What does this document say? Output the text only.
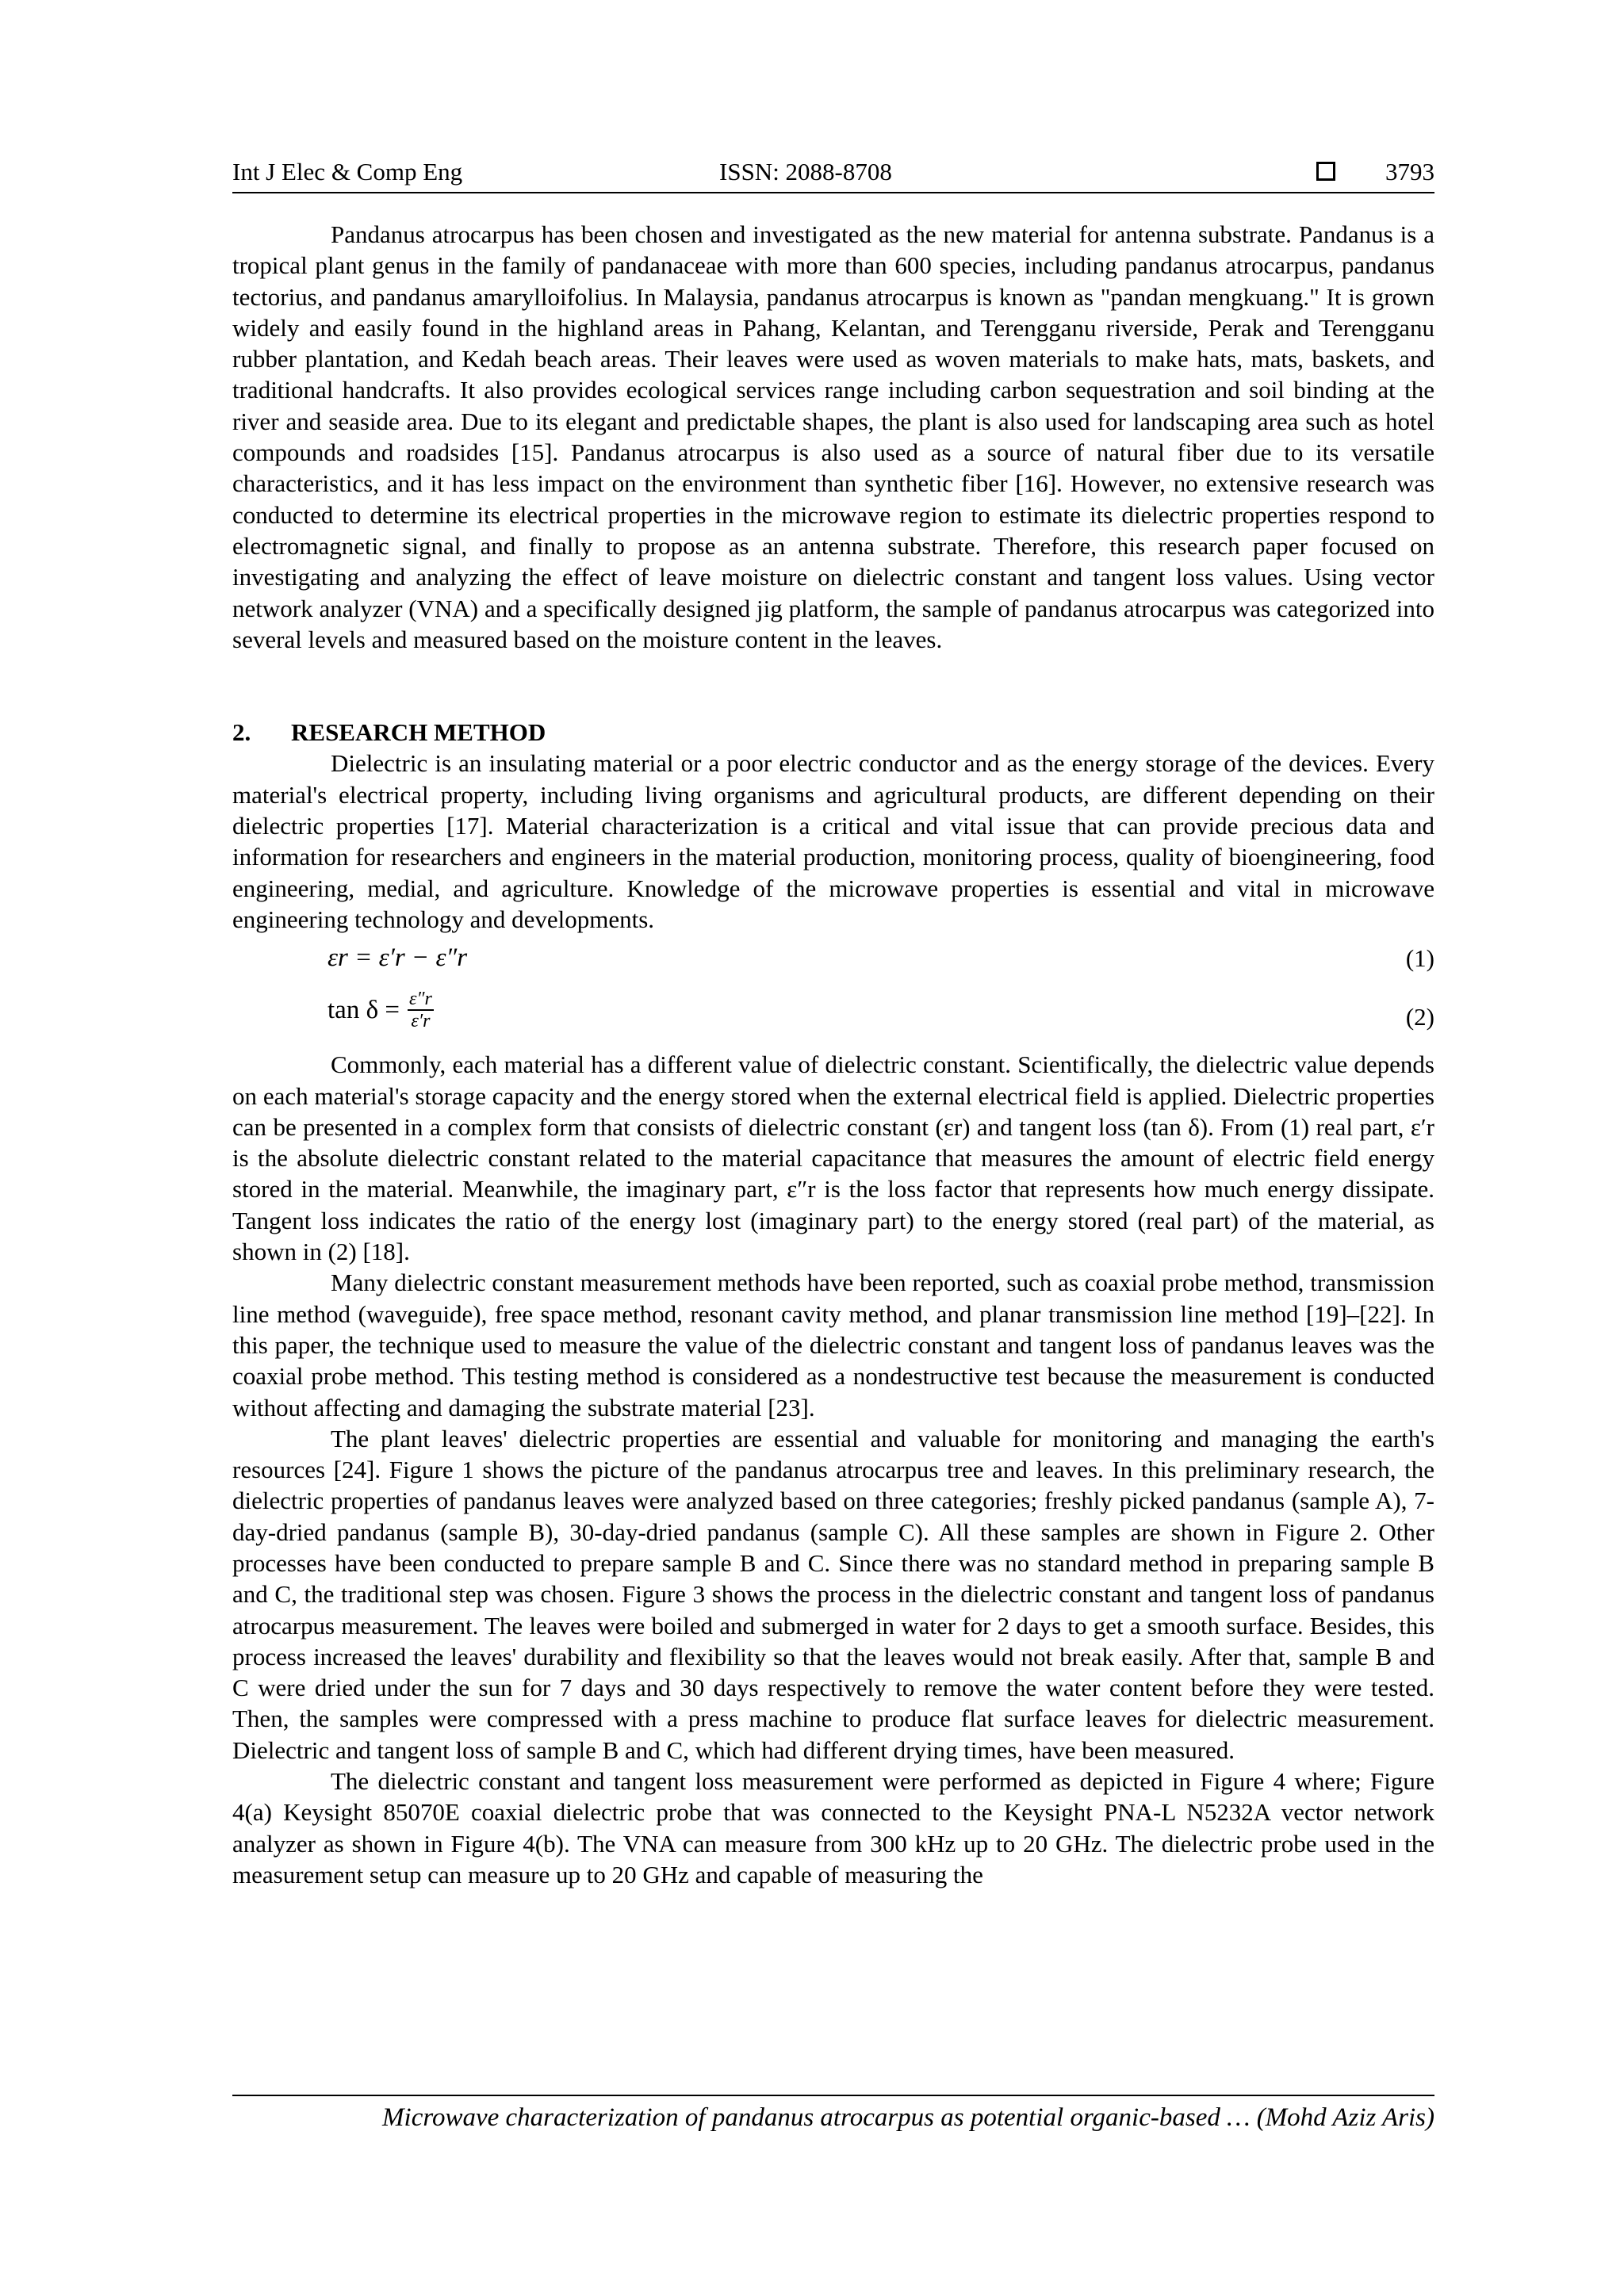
Int J Elec & Comp Eng	ISSN: 2088-8708	3793

Pandanus atrocarpus has been chosen and investigated as the new material for antenna substrate. Pandanus is a tropical plant genus in the family of pandanaceae with more than 600 species, including pandanus atrocarpus, pandanus tectorius, and pandanus amarylloifolius. In Malaysia, pandanus atrocarpus is known as "pandan mengkuang." It is grown widely and easily found in the highland areas in Pahang, Kelantan, and Terengganu riverside, Perak and Terengganu rubber plantation, and Kedah beach areas. Their leaves were used as woven materials to make hats, mats, baskets, and traditional handcrafts. It also provides ecological services range including carbon sequestration and soil binding at the river and seaside area. Due to its elegant and predictable shapes, the plant is also used for landscaping area such as hotel compounds and roadsides [15]. Pandanus atrocarpus is also used as a source of natural fiber due to its versatile characteristics, and it has less impact on the environment than synthetic fiber [16]. However, no extensive research was conducted to determine its electrical properties in the microwave region to estimate its dielectric properties respond to electromagnetic signal, and finally to propose as an antenna substrate. Therefore, this research paper focused on investigating and analyzing the effect of leave moisture on dielectric constant and tangent loss values. Using vector network analyzer (VNA) and a specifically designed jig platform, the sample of pandanus atrocarpus was categorized into several levels and measured based on the moisture content in the leaves.

2. RESEARCH METHOD

Dielectric is an insulating material or a poor electric conductor and as the energy storage of the devices. Every material's electrical property, including living organisms and agricultural products, are different depending on their dielectric properties [17]. Material characterization is a critical and vital issue that can provide precious data and information for researchers and engineers in the material production, monitoring process, quality of bioengineering, food engineering, medial, and agriculture. Knowledge of the microwave properties is essential and vital in microwave engineering technology and developments.

εr = ε′r − ε″r	(1)
$\tan \delta = \frac{\varepsilon''r}{\varepsilon'r}$	(2)

Commonly, each material has a different value of dielectric constant. Scientifically, the dielectric value depends on each material's storage capacity and the energy stored when the external electrical field is applied. Dielectric properties can be presented in a complex form that consists of dielectric constant (εr) and tangent loss (tan δ). From (1) real part, ε′r is the absolute dielectric constant related to the material capacitance that measures the amount of electric field energy stored in the material. Meanwhile, the imaginary part, ε″r is the loss factor that represents how much energy dissipate. Tangent loss indicates the ratio of the energy lost (imaginary part) to the energy stored (real part) of the material, as shown in (2) [18].

Many dielectric constant measurement methods have been reported, such as coaxial probe method, transmission line method (waveguide), free space method, resonant cavity method, and planar transmission line method [19]–[22]. In this paper, the technique used to measure the value of the dielectric constant and tangent loss of pandanus leaves was the coaxial probe method. This testing method is considered as a nondestructive test because the measurement is conducted without affecting and damaging the substrate material [23].

The plant leaves' dielectric properties are essential and valuable for monitoring and managing the earth's resources [24]. Figure 1 shows the picture of the pandanus atrocarpus tree and leaves. In this preliminary research, the dielectric properties of pandanus leaves were analyzed based on three categories; freshly picked pandanus (sample A), 7-day-dried pandanus (sample B), 30-day-dried pandanus (sample C). All these samples are shown in Figure 2. Other processes have been conducted to prepare sample B and C. Since there was no standard method in preparing sample B and C, the traditional step was chosen. Figure 3 shows the process in the dielectric constant and tangent loss of pandanus atrocarpus measurement. The leaves were boiled and submerged in water for 2 days to get a smooth surface. Besides, this process increased the leaves' durability and flexibility so that the leaves would not break easily. After that, sample B and C were dried under the sun for 7 days and 30 days respectively to remove the water content before they were tested. Then, the samples were compressed with a press machine to produce flat surface leaves for dielectric measurement. Dielectric and tangent loss of sample B and C, which had different drying times, have been measured.

The dielectric constant and tangent loss measurement were performed as depicted in Figure 4 where; Figure 4(a) Keysight 85070E coaxial dielectric probe that was connected to the Keysight PNA-L N5232A vector network analyzer as shown in Figure 4(b). The VNA can measure from 300 kHz up to 20 GHz. The dielectric probe used in the measurement setup can measure up to 20 GHz and capable of measuring the

Microwave characterization of pandanus atrocarpus as potential organic-based … (Mohd Aziz Aris)
